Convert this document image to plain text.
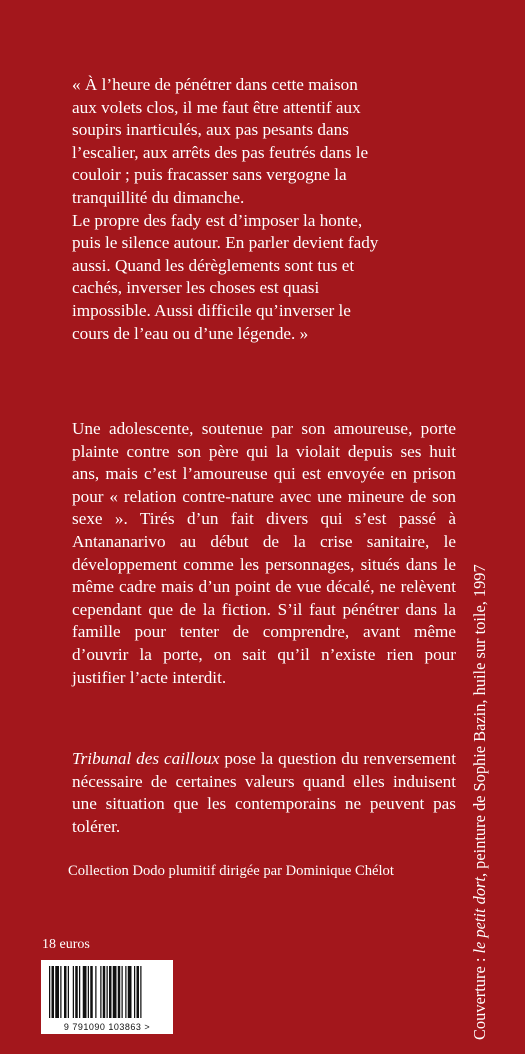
« À l’heure de pénétrer dans cette maison

aux volets clos, il me faut être attentif aux

soupirs inarticulés, aux pas pesants dans

l’escalier, aux arrêts des pas feutrés dans le

couloir ; puis fracasser sans vergogne la

tranquillité du dimanche.

Le propre des fady est d’imposer la honte,

puis le silence autour. En parler devient fady

aussi. Quand les dérèglements sont tus et

cachés, inverser les choses est quasi

impossible. Aussi difficile qu’inverser le

cours de l’eau ou d’une légende. »

Une adolescente, soutenue par son amoureuse, porte plainte contre son père qui la violait depuis ses huit ans, mais c’est l’amoureuse qui est envoyée en prison pour « relation contre-nature avec une mineure de son sexe ». Tirés d’un fait divers qui s’est passé à Antananarivo au début de la crise sanitaire, le développement comme les personnages, situés dans le même cadre mais d’un point de vue décalé, ne relèvent cependant que de la fiction. S’il faut pénétrer dans la famille pour tenter de comprendre, avant même d’ouvrir la porte, on sait qu’il n’existe rien pour justifier l’acte interdit.

Tribunal des cailloux pose la question du renversement nécessaire de certaines valeurs quand elles induisent une situation que les contemporains ne peuvent pas tolérer.

Collection Dodo plumitif dirigée par Dominique Chélot

18 euros
9 791090 103863 >	Couverture : le petit dort, peinture de Sophie Bazin, huile sur toile, 1997
